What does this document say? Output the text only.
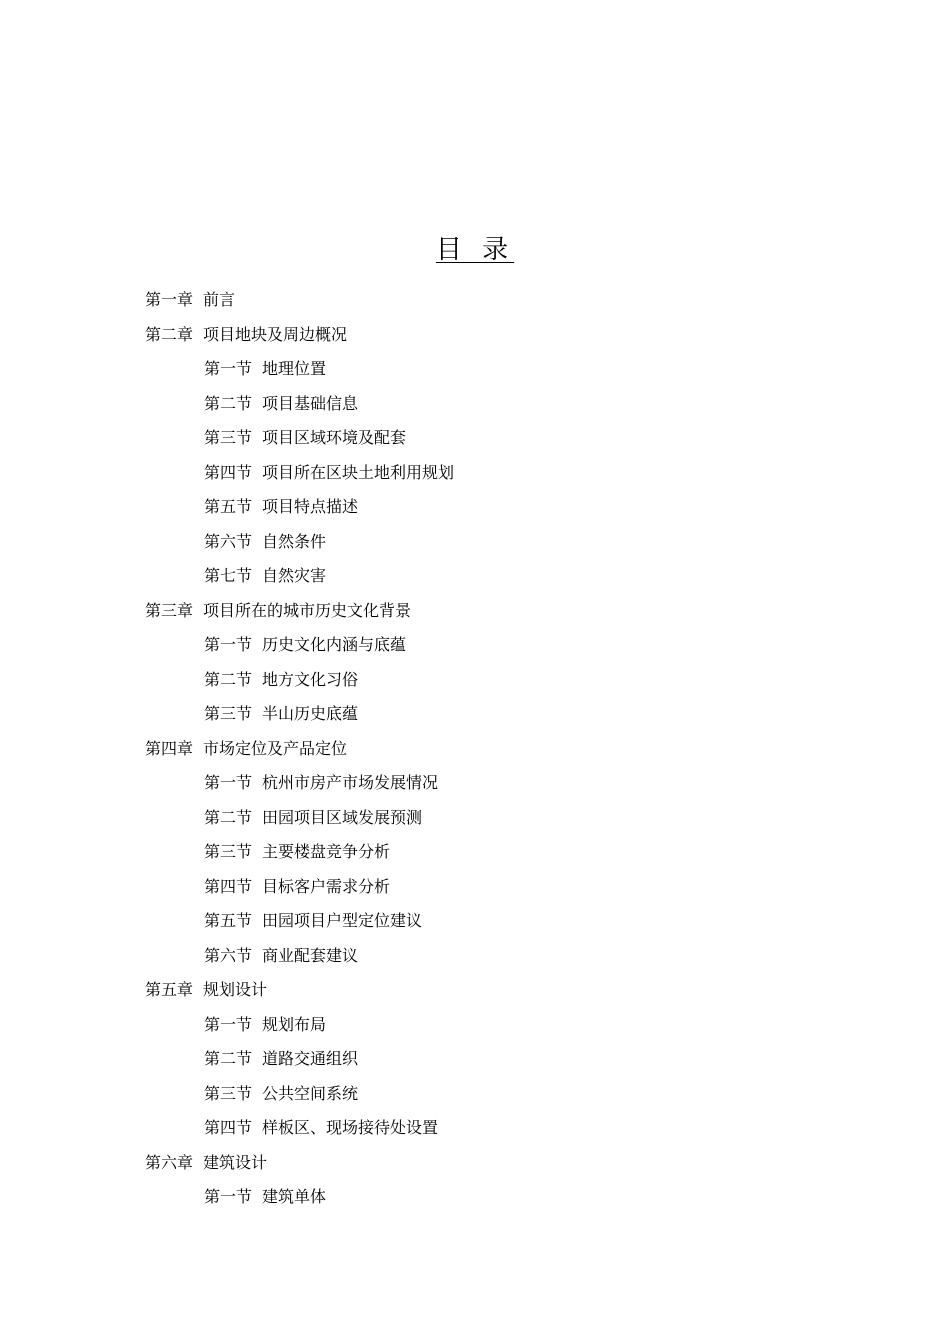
目 录
第一章 前言
第二章 项目地块及周边概况
第一节 地理位置
第二节 项目基础信息
第三节 项目区域环境及配套
第四节 项目所在区块土地利用规划
第五节 项目特点描述
第六节 自然条件
第七节 自然灾害
第三章 项目所在的城市历史文化背景
第一节 历史文化内涵与底蕴
第二节 地方文化习俗
第三节 半山历史底蕴
第四章 市场定位及产品定位
第一节 杭州市房产市场发展情况
第二节 田园项目区域发展预测
第三节 主要楼盘竞争分析
第四节 目标客户需求分析
第五节 田园项目户型定位建议
第六节 商业配套建议
第五章 规划设计
第一节 规划布局
第二节 道路交通组织
第三节 公共空间系统
第四节 样板区、现场接待处设置
第六章 建筑设计
第一节 建筑单体
